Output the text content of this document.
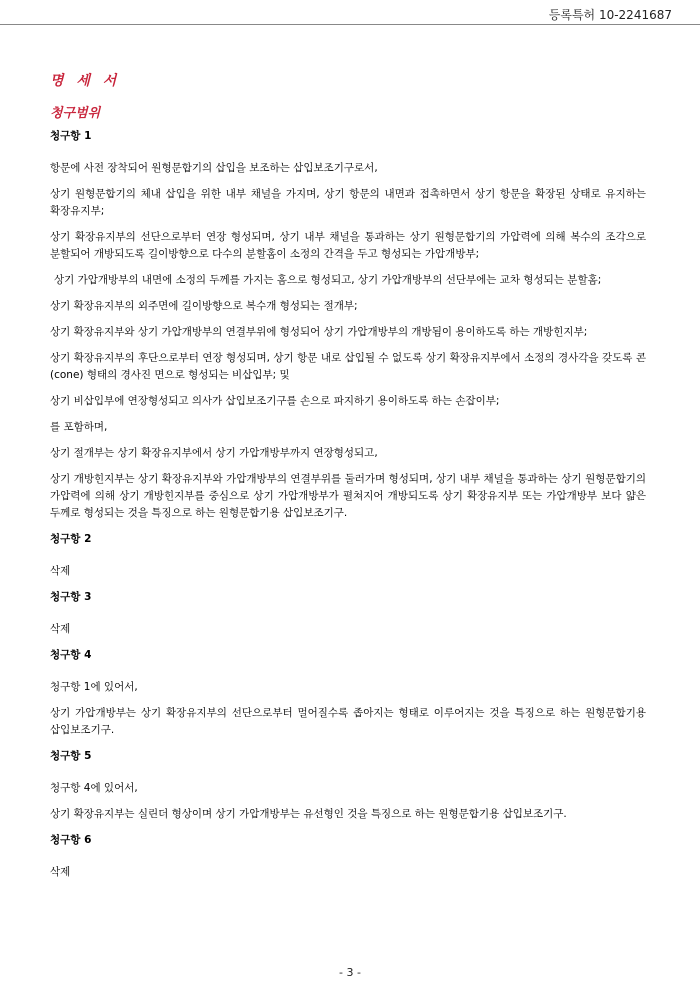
등록특허 10-2241687
명 세 서
청구범위
청구항 1

항문에 사전 장착되어 원형문합기의 삽입을 보조하는 삽입보조기구로서,

상기 원형문합기의 체내 삽입을 위한 내부 채널을 가지며, 상기 항문의 내면과 접촉하면서 상기 항문을 확장된 상태로 유지하는 확장유지부;

상기 확장유지부의 선단으로부터 연장 형성되며, 상기 내부 채널을 통과하는 상기 원형문합기의 가압력에 의해 복수의 조각으로 분할되어 개방되도록 길이방향으로 다수의 분할홈이 소정의 간격을 두고 형성되는 가압개방부;

상기 가압개방부의 내면에 소정의 두께를 가지는 홈으로 형성되고, 상기 가압개방부의 선단부에는 교차 형성되는 분할홈;

상기 확장유지부의 외주면에 길이방향으로 복수개 형성되는 절개부;

상기 확장유지부와 상기 가압개방부의 연결부위에 형성되어 상기 가압개방부의 개방됨이 용이하도록 하는 개방힌지부;

상기 확장유지부의 후단으로부터 연장 형성되며, 상기 항문 내로 삽입될 수 없도록 상기 확장유지부에서 소정의 경사각을 갖도록 콘(cone) 형태의 경사진 면으로 형성되는 비삽입부; 및

상기 비삽입부에 연장형성되고 의사가 삽입보조기구를 손으로 파지하기 용이하도록 하는 손잡이부;

를 포함하며,

상기 절개부는 상기 확장유지부에서 상기 가압개방부까지 연장형성되고,

상기 개방힌지부는 상기 확장유지부와 가압개방부의 연결부위를 둘러가며 형성되며, 상기 내부 채널을 통과하는 상기 원형문합기의 가압력에 의해 상기 개방힌지부를 중심으로 상기 가압개방부가 펼쳐지어 개방되도록 상기 확장유지부 또는 가압개방부 보다 얇은 두께로 형성되는 것을 특징으로 하는 원형문합기용 삽입보조기구.

청구항 2

삭제

청구항 3

삭제

청구항 4

청구항 1에 있어서,

상기 가압개방부는 상기 확장유지부의 선단으로부터 멀어질수록 좁아지는 형태로 이루어지는 것을 특징으로 하는 원형문합기용 삽입보조기구.

청구항 5

청구항 4에 있어서,

상기 확장유지부는 실린더 형상이며 상기 가압개방부는 유선형인 것을 특징으로 하는 원형문합기용 삽입보조기구.

청구항 6

삭제

- 3 -
